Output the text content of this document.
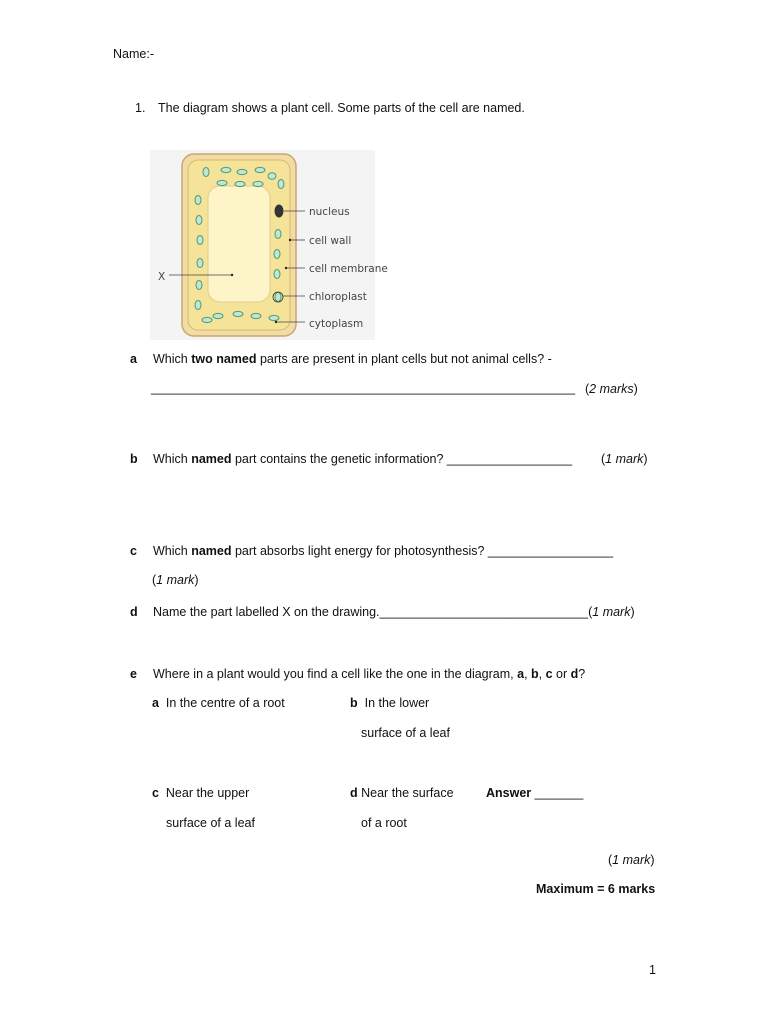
Name:-
1. The diagram shows a plant cell. Some parts of the cell are named.
nucleus
cell wall
cell membrane
chloroplast
cytoplasm
X
a Which two named parts are present in plant cells but not animal cells? -
_____________________________________________________________ (2 marks)
b Which named part contains the genetic information? __________________ (1 mark)
c Which named part absorbs light energy for photosynthesis? __________________
(1 mark)
d Name the part labelled X on the drawing.______________________________(1 mark)
e Where in a plant would you find a cell like the one in the diagram, a, b, c or d?
a In the centre of a root	b In the lower
surface of a leaf
c Near the upper
surface of a leaf
d Near the surface
of a root
Answer _______
(1 mark)
Maximum = 6 marks
1
